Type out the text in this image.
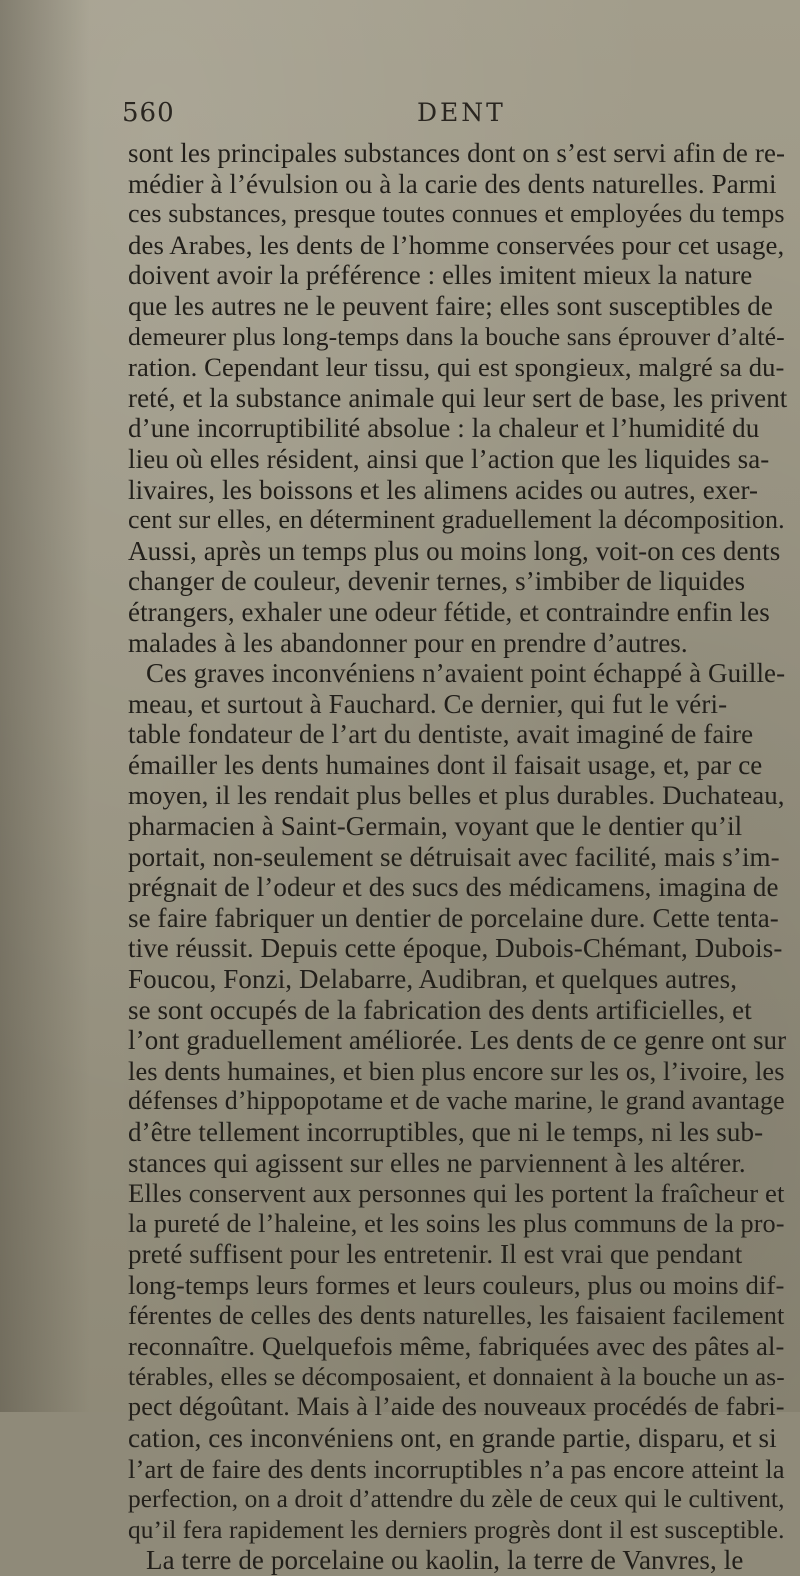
560	DENT
sont les principales substances dont on s’est servi afin de re-
médier à l’évulsion ou à la carie des dents naturelles. Parmi
ces substances, presque toutes connues et employées du temps
des Arabes, les dents de l’homme conservées pour cet usage,
doivent avoir la préférence : elles imitent mieux la nature
que les autres ne le peuvent faire; elles sont susceptibles de
demeurer plus long-temps dans la bouche sans éprouver d’alté-
ration. Cependant leur tissu, qui est spongieux, malgré sa du-
reté, et la substance animale qui leur sert de base, les privent
d’une incorruptibilité absolue : la chaleur et l’humidité du
lieu où elles résident, ainsi que l’action que les liquides sa-
livaires, les boissons et les alimens acides ou autres, exer-
cent sur elles, en déterminent graduellement la décomposition.
Aussi, après un temps plus ou moins long, voit-on ces dents
changer de couleur, devenir ternes, s’imbiber de liquides
étrangers, exhaler une odeur fétide, et contraindre enfin les
malades à les abandonner pour en prendre d’autres.
Ces graves inconvéniens n’avaient point échappé à Guille-
meau, et surtout à Fauchard. Ce dernier, qui fut le véri-
table fondateur de l’art du dentiste, avait imaginé de faire
émailler les dents humaines dont il faisait usage, et, par ce
moyen, il les rendait plus belles et plus durables. Duchateau,
pharmacien à Saint-Germain, voyant que le dentier qu’il
portait, non-seulement se détruisait avec facilité, mais s’im-
prégnait de l’odeur et des sucs des médicamens, imagina de
se faire fabriquer un dentier de porcelaine dure. Cette tenta-
tive réussit. Depuis cette époque, Dubois-Chémant, Dubois-
Foucou, Fonzi, Delabarre, Audibran, et quelques autres,
se sont occupés de la fabrication des dents artificielles, et
l’ont graduellement améliorée. Les dents de ce genre ont sur
les dents humaines, et bien plus encore sur les os, l’ivoire, les
défenses d’hippopotame et de vache marine, le grand avantage
d’être tellement incorruptibles, que ni le temps, ni les sub-
stances qui agissent sur elles ne parviennent à les altérer.
Elles conservent aux personnes qui les portent la fraîcheur et
la pureté de l’haleine, et les soins les plus communs de la pro-
preté suffisent pour les entretenir. Il est vrai que pendant
long-temps leurs formes et leurs couleurs, plus ou moins dif-
férentes de celles des dents naturelles, les faisaient facilement
reconnaître. Quelquefois même, fabriquées avec des pâtes al-
térables, elles se décomposaient, et donnaient à la bouche un as-
pect dégoûtant. Mais à l’aide des nouveaux procédés de fabri-
cation, ces inconvéniens ont, en grande partie, disparu, et si
l’art de faire des dents incorruptibles n’a pas encore atteint la
perfection, on a droit d’attendre du zèle de ceux qui le cultivent,
qu’il fera rapidement les derniers progrès dont il est susceptible.
La terre de porcelaine ou kaolin, la terre de Vanvres, le
